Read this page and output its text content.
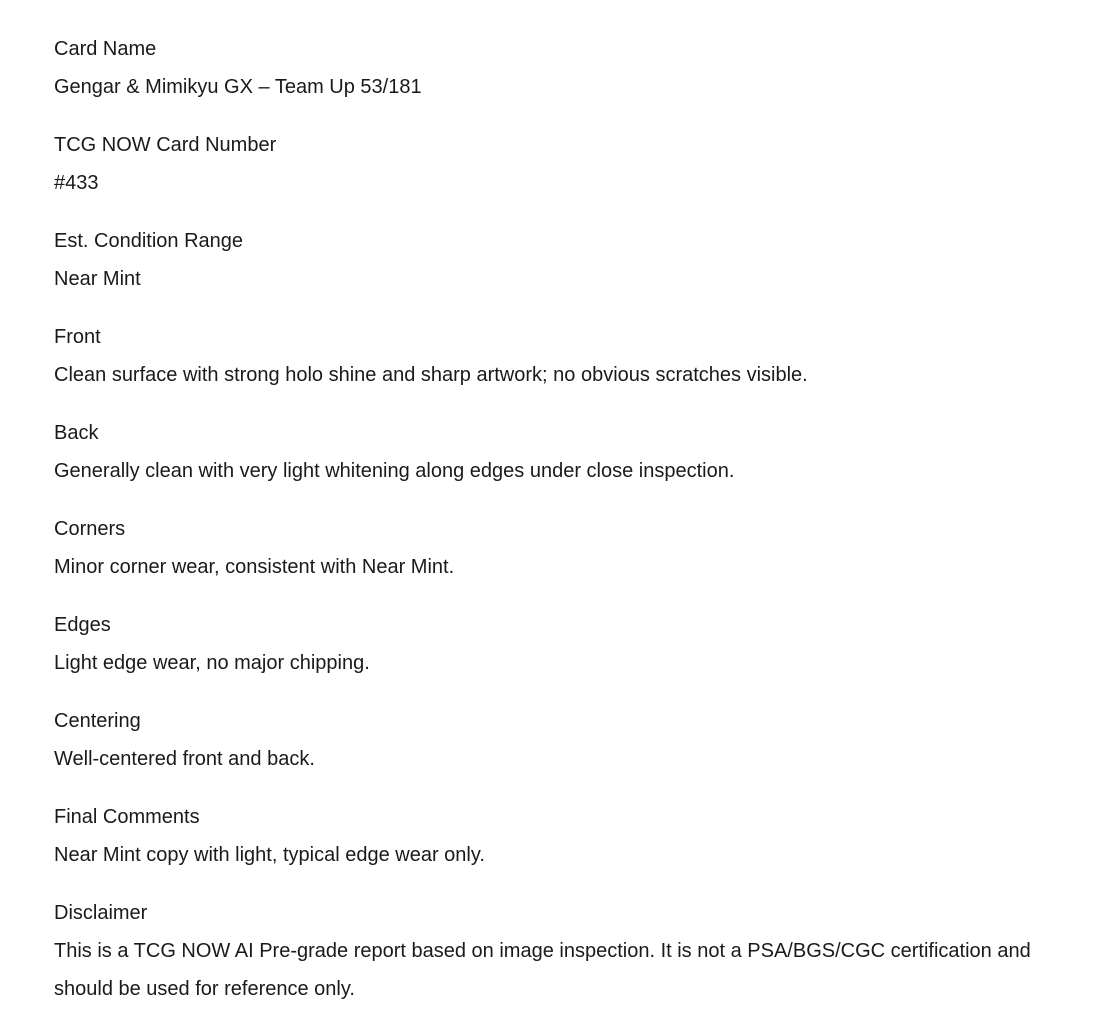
Card Name
Gengar & Mimikyu GX – Team Up 53/181
TCG NOW Card Number
#433
Est. Condition Range
Near Mint
Front
Clean surface with strong holo shine and sharp artwork; no obvious scratches visible.
Back
Generally clean with very light whitening along edges under close inspection.
Corners
Minor corner wear, consistent with Near Mint.
Edges
Light edge wear, no major chipping.
Centering
Well-centered front and back.
Final Comments
Near Mint copy with light, typical edge wear only.
Disclaimer
This is a TCG NOW AI Pre-grade report based on image inspection. It is not a PSA/BGS/CGC certification and should be used for reference only.
